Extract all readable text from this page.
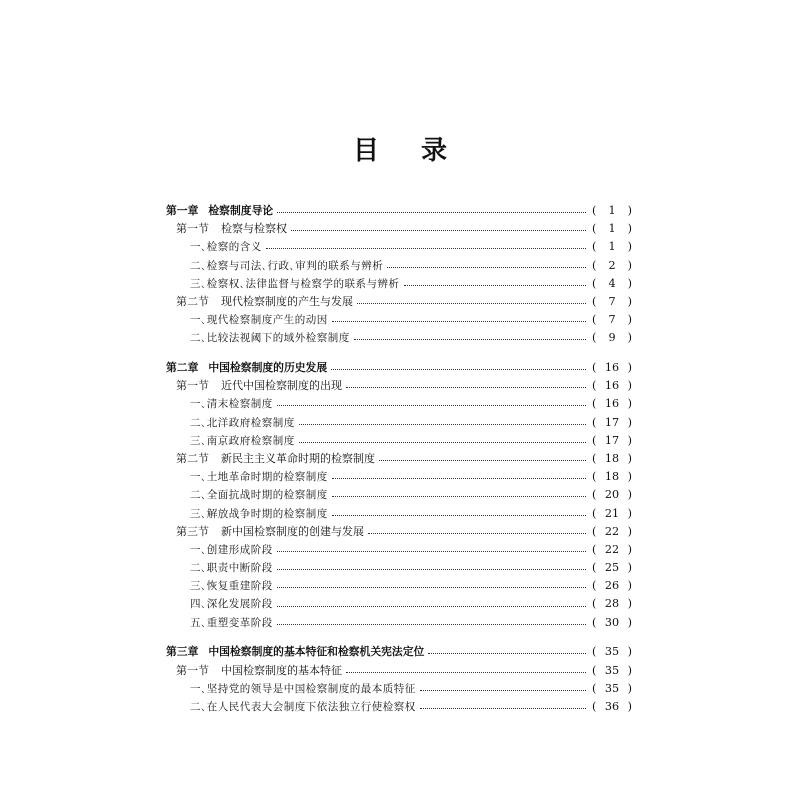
目 录
第一章 检察制度导论	( 1 )
第一节 检察与检察权	( 1 )
一､检察的含义	( 1 )
二､检察与司法､行政､审判的联系与辨析	( 2 )
三､检察权､法律监督与检察学的联系与辨析	( 4 )
第二节 现代检察制度的产生与发展	( 7 )
一､现代检察制度产生的动因	( 7 )
二､比较法视阈下的域外检察制度	( 9 )
第二章 中国检察制度的历史发展	( 16 )
第一节 近代中国检察制度的出现	( 16 )
一､清末检察制度	( 16 )
二､北洋政府检察制度	( 17 )
三､南京政府检察制度	( 17 )
第二节 新民主主义革命时期的检察制度	( 18 )
一､土地革命时期的检察制度	( 18 )
二､全面抗战时期的检察制度	( 20 )
三､解放战争时期的检察制度	( 21 )
第三节 新中国检察制度的创建与发展	( 22 )
一､创建形成阶段	( 22 )
二､职责中断阶段	( 25 )
三､恢复重建阶段	( 26 )
四､深化发展阶段	( 28 )
五､重塑变革阶段	( 30 )
第三章 中国检察制度的基本特征和检察机关宪法定位	( 35 )
第一节 中国检察制度的基本特征	( 35 )
一､坚持党的领导是中国检察制度的最本质特征	( 35 )
二､在人民代表大会制度下依法独立行使检察权	( 36 )
